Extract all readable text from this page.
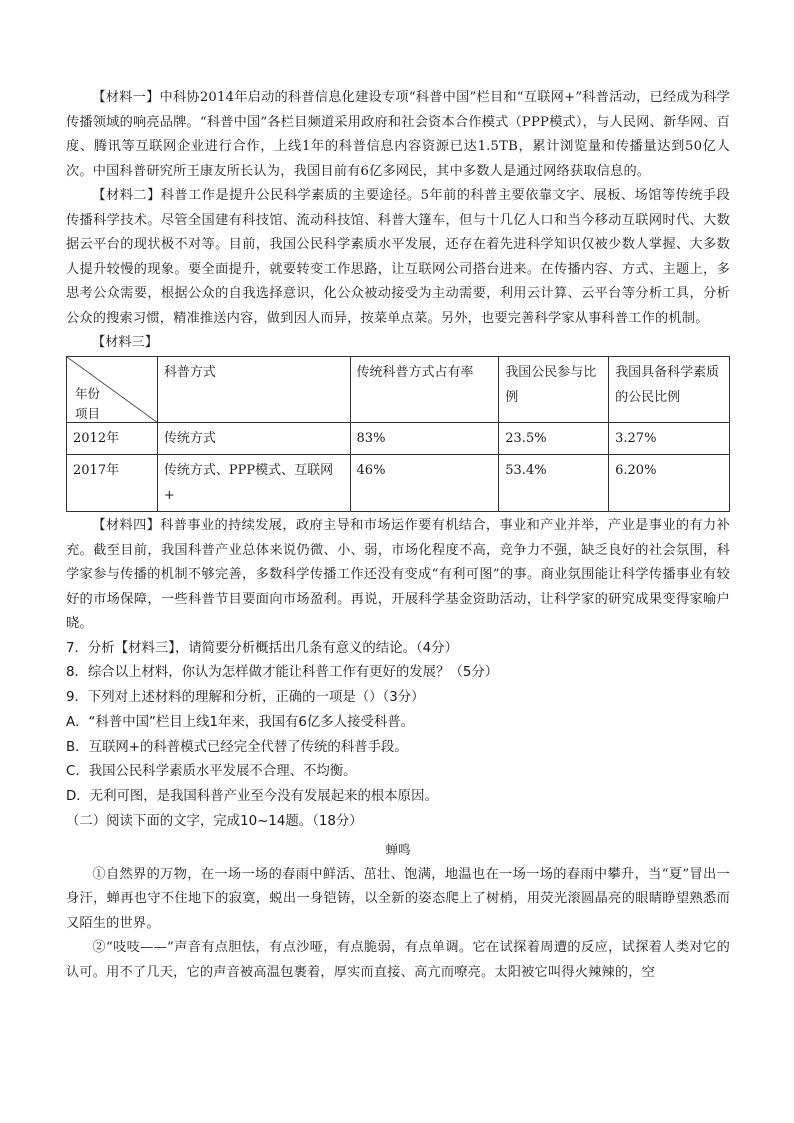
【材料一】中科协2014年启动的科普信息化建设专项“科普中国”栏目和“互联网+”科普活动，已经成为科学传播领域的响亮品牌。“科普中国”各栏目频道采用政府和社会资本合作模式（PPP模式），与人民网、新华网、百度、腾讯等互联网企业进行合作，上线1年的科普信息内容资源已达1.5TB，累计浏览量和传播量达到50亿人次。中国科普研究所王康友所长认为，我国目前有6亿多网民，其中多数人是通过网络获取信息的。

【材料二】科普工作是提升公民科学素质的主要途径。5年前的科普主要依靠文字、展板、场馆等传统手段传播科学技术。尽管全国建有科技馆、流动科技馆、科普大篷车，但与十几亿人口和当今移动互联网时代、大数据云平台的现状极不对等。目前，我国公民科学素质水平发展，还存在着先进科学知识仅被少数人掌握、大多数人提升较慢的现象。要全面提升，就要转变工作思路，让互联网公司搭台进来。在传播内容、方式、主题上，多思考公众需要，根据公众的自我选择意识，化公众被动接受为主动需要，利用云计算、云平台等分析工具，分析公众的搜索习惯，精准推送内容，做到因人而异，按菜单点菜。另外，也要完善科学家从事科普工作的机制。

【材料三】

年份
项目	科普方式	传统科普方式占有率	我国公民参与比例	我国具备科学素质的公民比例
2012年	传统方式	83%	23.5%	3.27%
2017年	传统方式、PPP模式、互联网+	46%	53.4%	6.20%

【材料四】科普事业的持续发展，政府主导和市场运作要有机结合，事业和产业并举，产业是事业的有力补充。截至目前，我国科普产业总体来说仍微、小、弱，市场化程度不高，竞争力不强，缺乏良好的社会氛围，科学家参与传播的机制不够完善，多数科学传播工作还没有变成“有利可图”的事。商业氛围能让科学传播事业有较好的市场保障，一些科普节目要面向市场盈利。再说，开展科学基金资助活动，让科学家的研究成果变得家喻户晓。

7．分析【材料三】，请简要分析概括出几条有意义的结论。（4分）

8．综合以上材料，你认为怎样做才能让科普工作有更好的发展？（5分）

9．下列对上述材料的理解和分析，正确的一项是（）（3分）

A．“科普中国”栏目上线1年来，我国有6亿多人接受科普。

B．互联网+的科普模式已经完全代替了传统的科普手段。

C．我国公民科学素质水平发展不合理、不均衡。

D．无利可图，是我国科普产业至今没有发展起来的根本原因。

（二）阅读下面的文字，完成10~14题。（18分）

蝉鸣

①自然界的万物，在一场一场的春雨中鲜活、茁壮、饱满，地温也在一场一场的春雨中攀升，当“夏”冒出一身汗，蝉再也守不住地下的寂寞，蜕出一身铠铸，以全新的姿态爬上了树梢，用荧光滚圆晶亮的眼睛睁望熟悉而又陌生的世界。

②“吱吱——”声音有点胆怯，有点沙哑，有点脆弱，有点单调。它在试探着周遭的反应，试探着人类对它的认可。用不了几天，它的声音被高温包裹着，厚实而直接、高亢而嘹亮。太阳被它叫得火辣辣的，空
